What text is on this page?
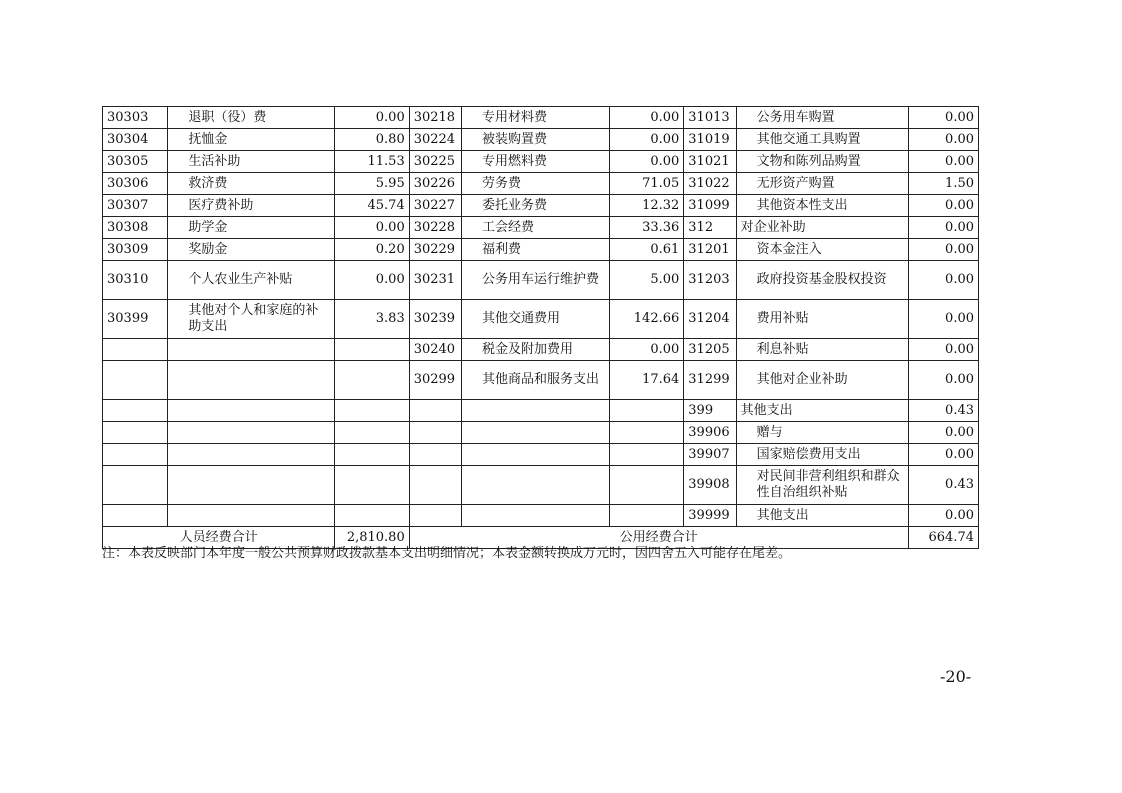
30303	退职（役）费	0.00	30218	专用材料费	0.00	31013	公务用车购置	0.00
30304	抚恤金	0.80	30224	被装购置费	0.00	31019	其他交通工具购置	0.00
30305	生活补助	11.53	30225	专用燃料费	0.00	31021	文物和陈列品购置	0.00
30306	救济费	5.95	30226	劳务费	71.05	31022	无形资产购置	1.50
30307	医疗费补助	45.74	30227	委托业务费	12.32	31099	其他资本性支出	0.00
30308	助学金	0.00	30228	工会经费	33.36	312	对企业补助	0.00
30309	奖励金	0.20	30229	福利费	0.61	31201	资本金注入	0.00
30310	个人农业生产补贴	0.00	30231	公务用车运行维护费	5.00	31203	政府投资基金股权投资	0.00
30399	其他对个人和家庭的补助支出	3.83	30239	其他交通费用	142.66	31204	费用补贴	0.00
			30240	税金及附加费用	0.00	31205	利息补贴	0.00
			30299	其他商品和服务支出	17.64	31299	其他对企业补助	0.00
						399	其他支出	0.43
						39906	赠与	0.00
						39907	国家赔偿费用支出	0.00
						39908	对民间非营利组织和群众性自治组织补贴	0.43
						39999	其他支出	0.00
人员经费合计		2,810.80	公用经费合计					664.74
注：本表反映部门本年度一般公共预算财政拨款基本支出明细情况；本表金额转换成万元时，因四舍五入可能存在尾差。
-20-
